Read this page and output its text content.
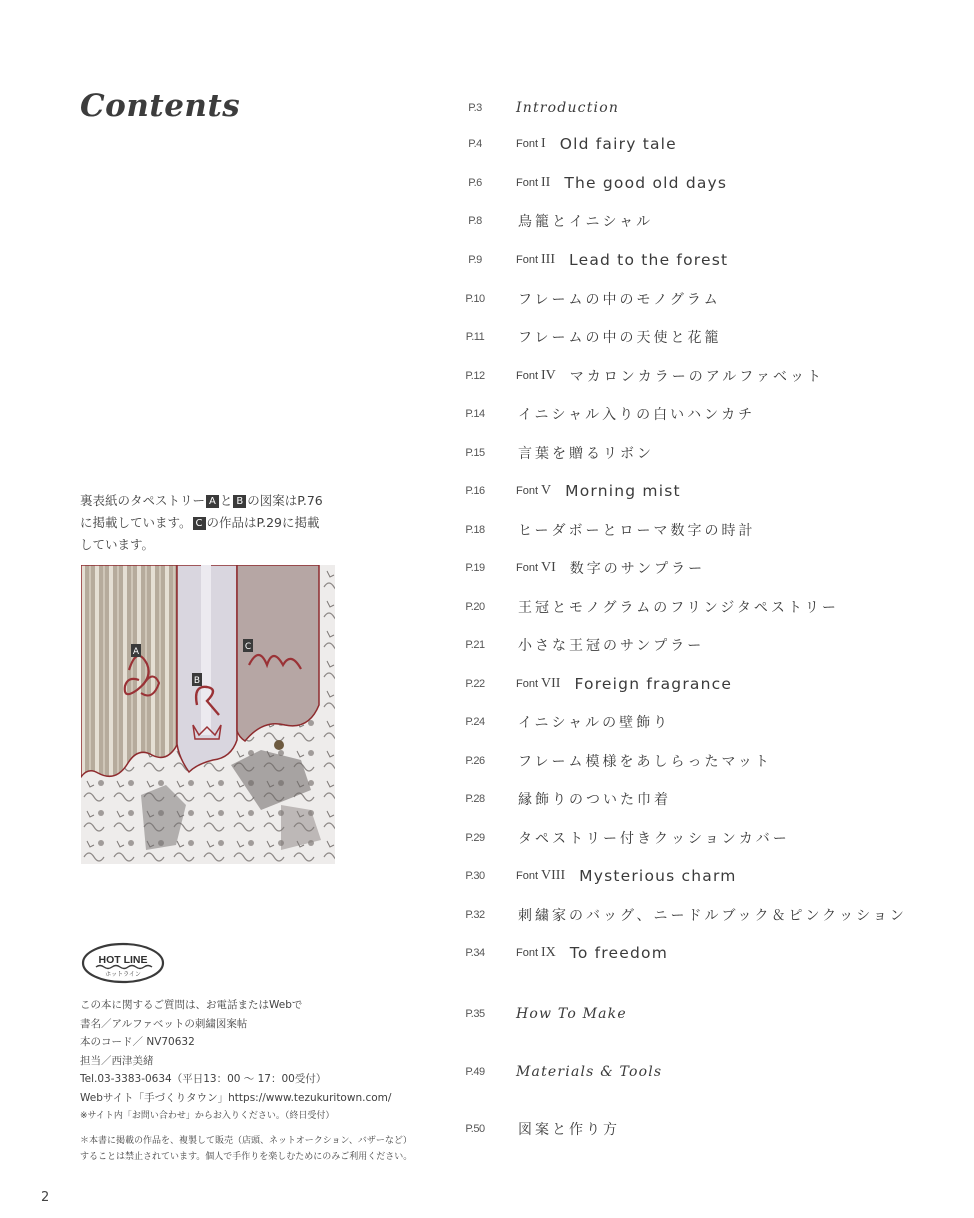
Contents
裏表紙のタペストリー A と B の図案はP.76
に掲載しています。 C の作品はP.29に掲載
しています。
A
B
C
HOT LINE
ホットライン
この本に関するご質問は、お電話またはWebで
書名／アルファベットの刺繍図案帖
本のコード／ NV70632
担当／西津美緒
Tel.03-3383-0634（平日13：00 〜 17：00受付）
Webサイト「手づくりタウン」https://www.tezukuritown.com/
※サイト内「お問い合わせ」からお入りください。（終日受付）
＊本書に掲載の作品を、複製して販売（店頭、ネットオークション、バザーなど）
することは禁止されています。個人で手作りを楽しむためにのみご利用ください。
2
P.3	Introduction
P.4	Font I Old fairy tale
P.6	Font II The good old days
P.8	鳥籠とイニシャル
P.9	Font III Lead to the forest
P.10	フレームの中のモノグラム
P.11	フレームの中の天使と花籠
P.12	Font IV マカロンカラーのアルファベット
P.14	イニシャル入りの白いハンカチ
P.15	言葉を贈るリボン
P.16	Font V Morning mist
P.18	ヒーダボーとローマ数字の時計
P.19	Font VI 数字のサンプラー
P.20	王冠とモノグラムのフリンジタペストリー
P.21	小さな王冠のサンプラー
P.22	Font VII Foreign fragrance
P.24	イニシャルの壁飾り
P.26	フレーム模様をあしらったマット
P.28	縁飾りのついた巾着
P.29	タペストリー付きクッションカバー
P.30	Font VIII Mysterious charm
P.32	刺繍家のバッグ、ニードルブック＆ピンクッション
P.34	Font IX To freedom
P.35	How To Make
P.49	Materials & Tools
P.50	図案と作り方
